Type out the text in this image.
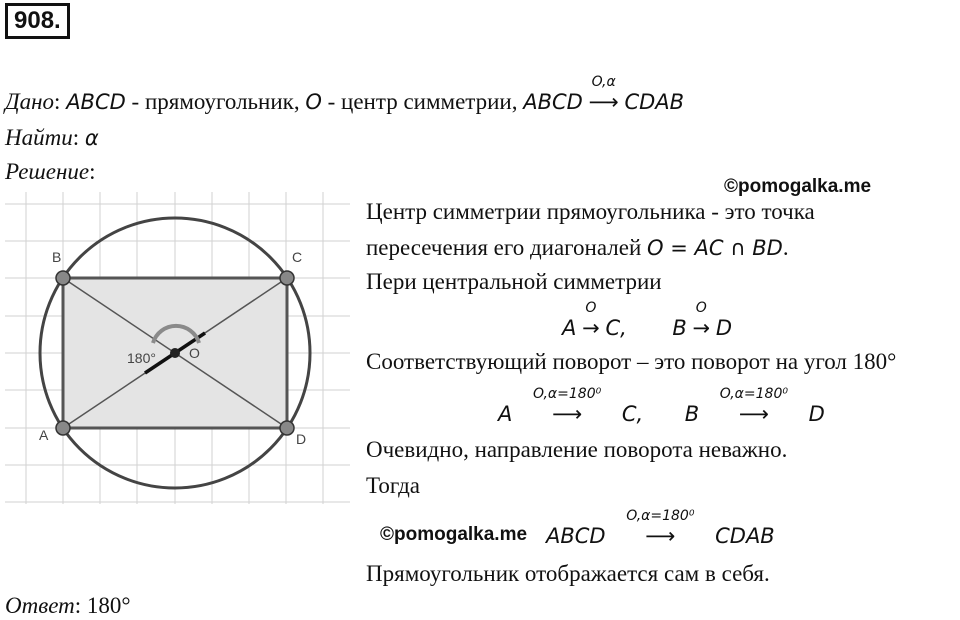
908.
Дано: ABCD - прямоугольник, O - центр симметрии, ABCD
O,α
⟶ CDAB
Найти: α
Решение:
B	C
A	D
O
180°
©pomogalka.me
Центр симметрии прямоугольника - это точка
пересечения его диагоналей O = AC ∩ BD.
Пери центральной симметрии
A
O
→ C, B
O
→ D
Соответствующий поворот – это поворот на угол 180°
A
O,α=180⁰
⟶ C, B
O,α=180⁰
⟶ D
Очевидно, направление поворота неважно.
Тогда
©pomogalka.me ABCD
O,α=180⁰
⟶ CDAB
Прямоугольник отображается сам в себя.
Ответ: 180°
